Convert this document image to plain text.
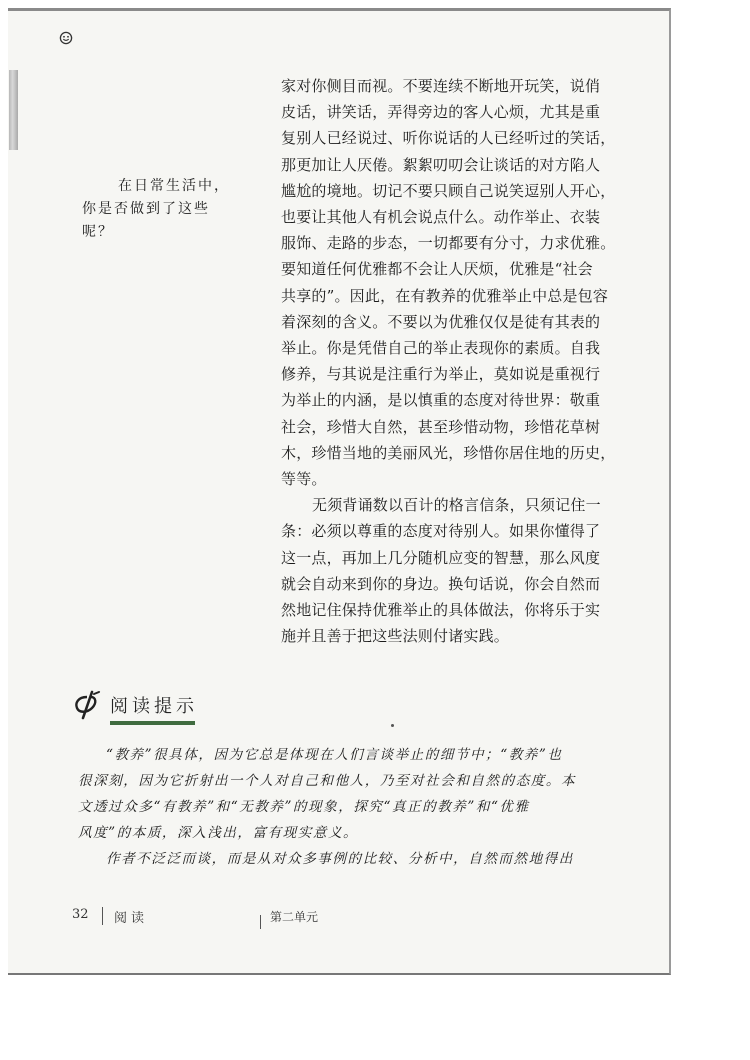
在日常生活中，
你是否做到了这些
呢？
家对你侧目而视。不要连续不断地开玩笑，说俏
皮话，讲笑话，弄得旁边的客人心烦，尤其是重
复别人已经说过、听你说话的人已经听过的笑话，
那更加让人厌倦。絮絮叨叨会让谈话的对方陷人
尴尬的境地。切记不要只顾自己说笑逗别人开心，
也要让其他人有机会说点什么。动作举止、衣装
服饰、走路的步态，一切都要有分寸，力求优雅。
要知道任何优雅都不会让人厌烦，优雅是“社会
共享的”。因此，在有教养的优雅举止中总是包容
着深刻的含义。不要以为优雅仅仅是徒有其表的
举止。你是凭借自己的举止表现你的素质。自我
修养，与其说是注重行为举止，莫如说是重视行
为举止的内涵，是以慎重的态度对待世界：敬重
社会，珍惜大自然，甚至珍惜动物，珍惜花草树
木，珍惜当地的美丽风光，珍惜你居住地的历史，
等等。
无须背诵数以百计的格言信条，只须记住一
条：必须以尊重的态度对待别人。如果你懂得了
这一点，再加上几分随机应变的智慧，那么风度
就会自动来到你的身边。换句话说，你会自然而
然地记住保持优雅举止的具体做法，你将乐于实
施并且善于把这些法则付诸实践。
阅读提示
“教养”很具体，因为它总是体现在人们言谈举止的细节中；“教养”也
很深刻，因为它折射出一个人对自己和他人，乃至对社会和自然的态度。本
文透过众多“有教养”和“无教养”的现象，探究“真正的教养”和“优雅
风度”的本质，深入浅出，富有现实意义。
作者不泛泛而谈，而是从对众多事例的比较、分析中，自然而然地得出
32 阅读	第二单元
